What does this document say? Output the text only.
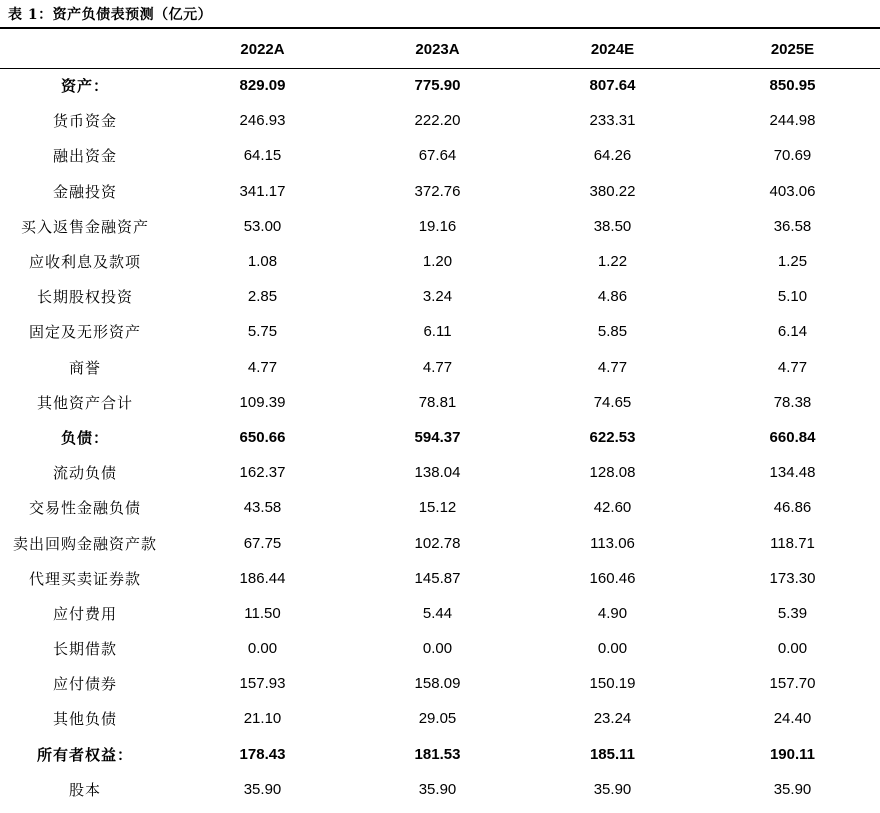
表 1：资产负债表预测（亿元）
	2022A	2023A	2024E	2025E
资产：	829.09	775.90	807.64	850.95
货币资金	246.93	222.20	233.31	244.98
融出资金	64.15	67.64	64.26	70.69
金融投资	341.17	372.76	380.22	403.06
买入返售金融资产	53.00	19.16	38.50	36.58
应收利息及款项	1.08	1.20	1.22	1.25
长期股权投资	2.85	3.24	4.86	5.10
固定及无形资产	5.75	6.11	5.85	6.14
商誉	4.77	4.77	4.77	4.77
其他资产合计	109.39	78.81	74.65	78.38
负债：	650.66	594.37	622.53	660.84
流动负债	162.37	138.04	128.08	134.48
交易性金融负债	43.58	15.12	42.60	46.86
卖出回购金融资产款	67.75	102.78	113.06	118.71
代理买卖证券款	186.44	145.87	160.46	173.30
应付费用	11.50	5.44	4.90	5.39
长期借款	0.00	0.00	0.00	0.00
应付债券	157.93	158.09	150.19	157.70
其他负债	21.10	29.05	23.24	24.40
所有者权益：	178.43	181.53	185.11	190.11
股本	35.90	35.90	35.90	35.90
